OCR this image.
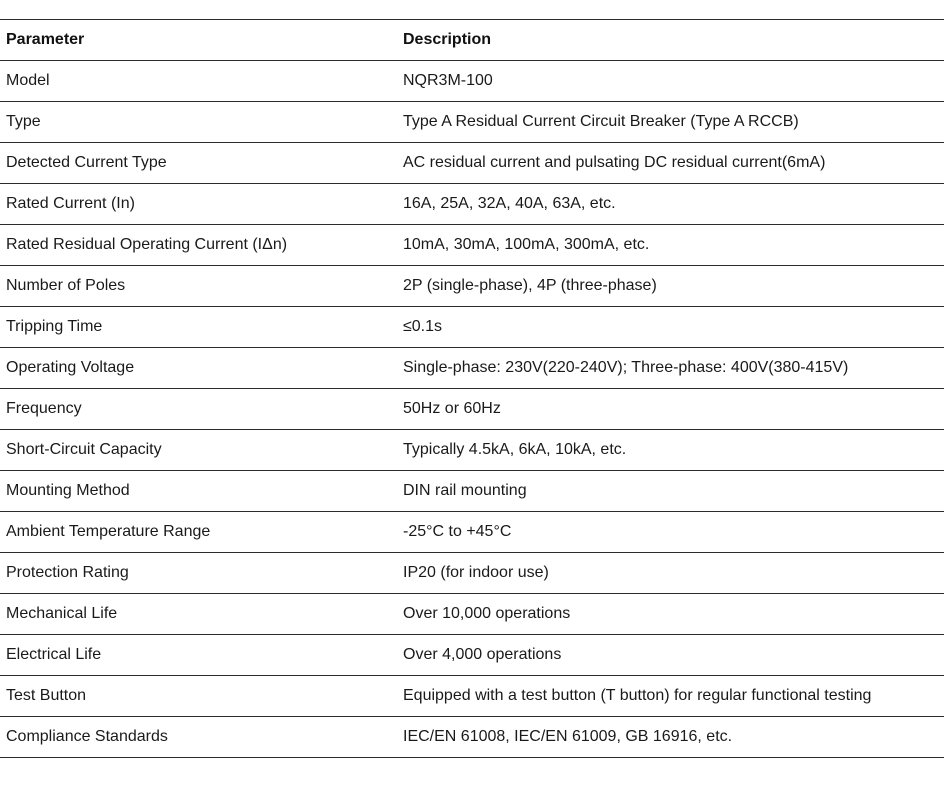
Parameter	Description
Model	NQR3M-100
Type	Type A Residual Current Circuit Breaker (Type A RCCB)
Detected Current Type	AC residual current and pulsating DC residual current(6mA)
Rated Current (In)	16A, 25A, 32A, 40A, 63A, etc.
Rated Residual Operating Current (IΔn)	10mA, 30mA, 100mA, 300mA, etc.
Number of Poles	2P (single-phase), 4P (three-phase)
Tripping Time	≤0.1s
Operating Voltage	Single-phase: 230V(220-240V); Three-phase: 400V(380-415V)
Frequency	50Hz or 60Hz
Short-Circuit Capacity	Typically 4.5kA, 6kA, 10kA, etc.
Mounting Method	DIN rail mounting
Ambient Temperature Range	-25°C to +45°C
Protection Rating	IP20 (for indoor use)
Mechanical Life	Over 10,000 operations
Electrical Life	Over 4,000 operations
Test Button	Equipped with a test button (T button) for regular functional testing
Compliance Standards	IEC/EN 61008, IEC/EN 61009, GB 16916, etc.
